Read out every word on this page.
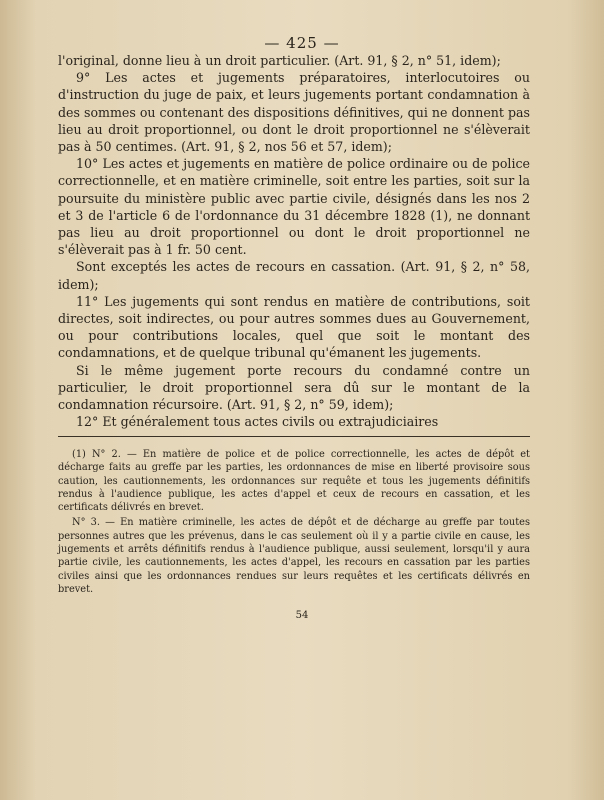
— 425 —

l'original, donne lieu à un droit particulier. (Art. 91, § 2, n° 51, idem);

9° Les actes et jugements préparatoires, interlocutoires ou d'instruction du juge de paix, et leurs jugements portant condamnation à des sommes ou contenant des dispositions définitives, qui ne donnent pas lieu au droit proportionnel, ou dont le droit proportionnel ne s'élèverait pas à 50 centimes. (Art. 91, § 2, nos 56 et 57, idem);

10° Les actes et jugements en matière de police ordinaire ou de police correctionnelle, et en matière criminelle, soit entre les parties, soit sur la poursuite du ministère public avec partie civile, désignés dans les nos 2 et 3 de l'article 6 de l'ordonnance du 31 décembre 1828 (1), ne donnant pas lieu au droit proportionnel ou dont le droit proportionnel ne s'élèverait pas à 1 fr. 50 cent.

Sont exceptés les actes de recours en cassation. (Art. 91, § 2, n° 58, idem);

11° Les jugements qui sont rendus en matière de contributions, soit directes, soit indirectes, ou pour autres sommes dues au Gouvernement, ou pour contributions locales, quel que soit le montant des condamnations, et de quelque tribunal qu'émanent les jugements.

Si le même jugement porte recours du condamné contre un particulier, le droit proportionnel sera dû sur le montant de la condamnation récursoire. (Art. 91, § 2, n° 59, idem);

12° Et généralement tous actes civils ou extrajudiciaires

(1) N° 2. — En matière de police et de police correctionnelle, les actes de dépôt et décharge faits au greffe par les parties, les ordonnances de mise en liberté provisoire sous caution, les cautionnements, les ordonnances sur requête et tous les jugements définitifs rendus à l'audience publique, les actes d'appel et ceux de recours en cassation, et les certificats délivrés en brevet.

N° 3. — En matière criminelle, les actes de dépôt et de décharge au greffe par toutes personnes autres que les prévenus, dans le cas seulement où il y a partie civile en cause, les jugements et arrêts définitifs rendus à l'audience publique, aussi seulement, lorsqu'il y aura partie civile, les cautionnements, les actes d'appel, les recours en cassation par les parties civiles ainsi que les ordonnances rendues sur leurs requêtes et les certificats délivrés en brevet.

54
